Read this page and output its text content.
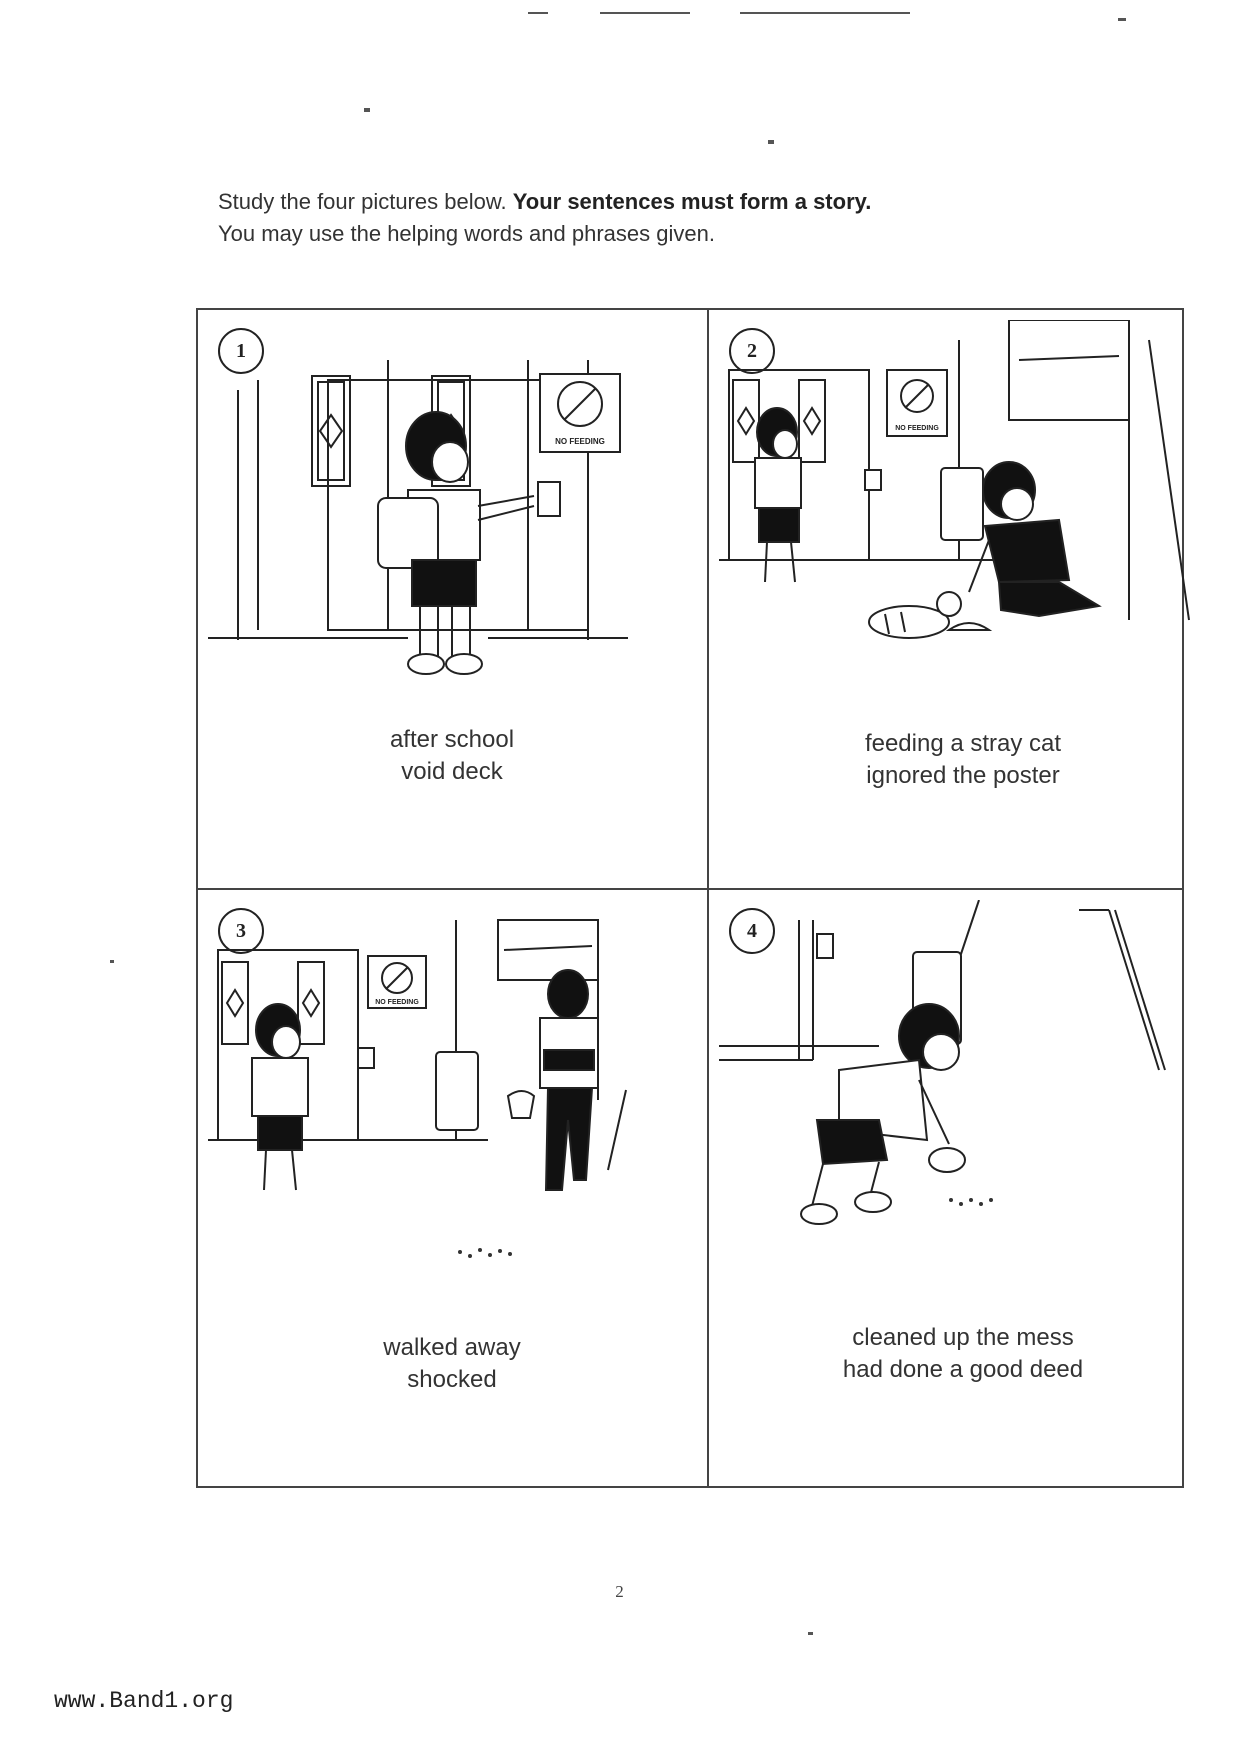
Study the four pictures below. Your sentences must form a story.
You may use the helping words and phrases given.
NO FEEDING
1
after school
void deck
NO FEEDING
2
feeding a stray cat
ignored the poster
NO FEEDING
3
walked away
shocked
4
cleaned up the mess
had done a good deed
2
www.Band1.org
